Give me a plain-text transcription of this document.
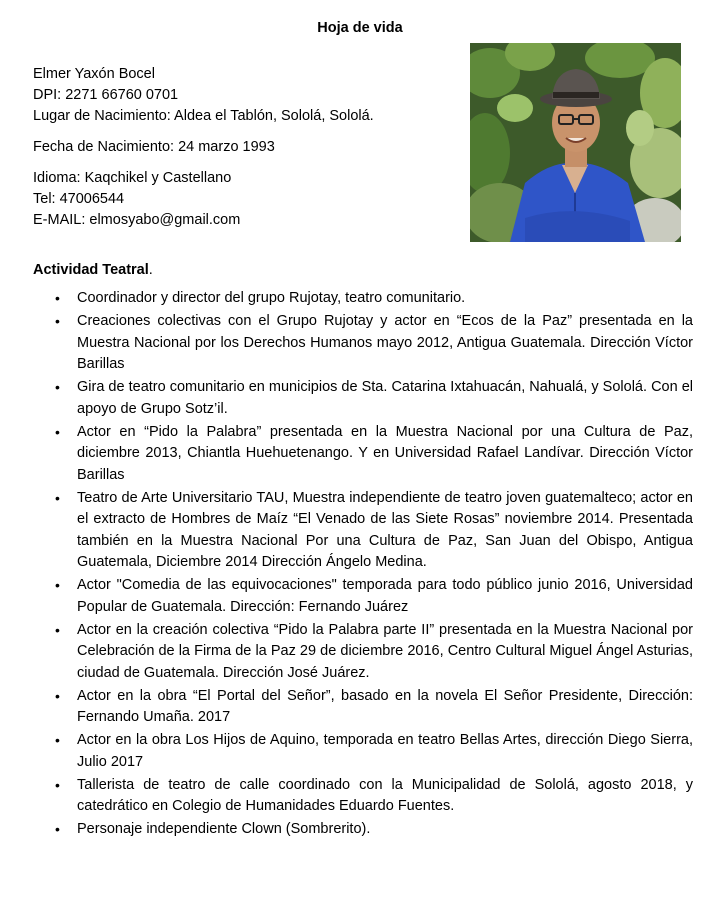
Hoja de vida
Elmer Yaxón Bocel
DPI: 2271 66760 0701
Lugar de Nacimiento: Aldea el Tablón, Sololá, Sololá.
Fecha de Nacimiento: 24 marzo 1993
Idioma: Kaqchikel y Castellano
Tel: 47006544
E-MAIL: elmosyabo@gmail.com
Actividad Teatral.
• Coordinador y director del grupo Rujotay, teatro comunitario.
• Creaciones colectivas con el Grupo Rujotay y actor en “Ecos de la Paz” presentada en la Muestra Nacional por los Derechos Humanos mayo 2012, Antigua Guatemala. Dirección Víctor Barillas
• Gira de teatro comunitario en municipios de Sta. Catarina Ixtahuacán, Nahualá, y Sololá. Con el apoyo de Grupo Sotz’il.
• Actor en “Pido la Palabra” presentada en la Muestra Nacional por una Cultura de Paz, diciembre 2013, Chiantla Huehuetenango. Y en Universidad Rafael Landívar. Dirección Víctor Barillas
• Teatro de Arte Universitario TAU, Muestra independiente de teatro joven guatemalteco; actor en el extracto de Hombres de Maíz “El Venado de las Siete Rosas” noviembre 2014. Presentada también en la Muestra Nacional Por una Cultura de Paz, San Juan del Obispo, Antigua Guatemala, Diciembre 2014 Dirección Ángelo Medina.
• Actor "Comedia de las equivocaciones" temporada para todo público junio 2016, Universidad Popular de Guatemala. Dirección: Fernando Juárez
• Actor en la creación colectiva “Pido la Palabra parte II” presentada en la Muestra Nacional por Celebración de la Firma de la Paz 29 de diciembre 2016, Centro Cultural Miguel Ángel Asturias, ciudad de Guatemala. Dirección José Juárez.
• Actor en la obra “El Portal del Señor”, basado en la novela El Señor Presidente, Dirección: Fernando Umaña. 2017
• Actor en la obra Los Hijos de Aquino, temporada en teatro Bellas Artes, dirección Diego Sierra, Julio 2017
• Tallerista de teatro de calle coordinado con la Municipalidad de Sololá, agosto 2018, y catedrático en Colegio de Humanidades Eduardo Fuentes.
• Personaje independiente Clown (Sombrerito).
